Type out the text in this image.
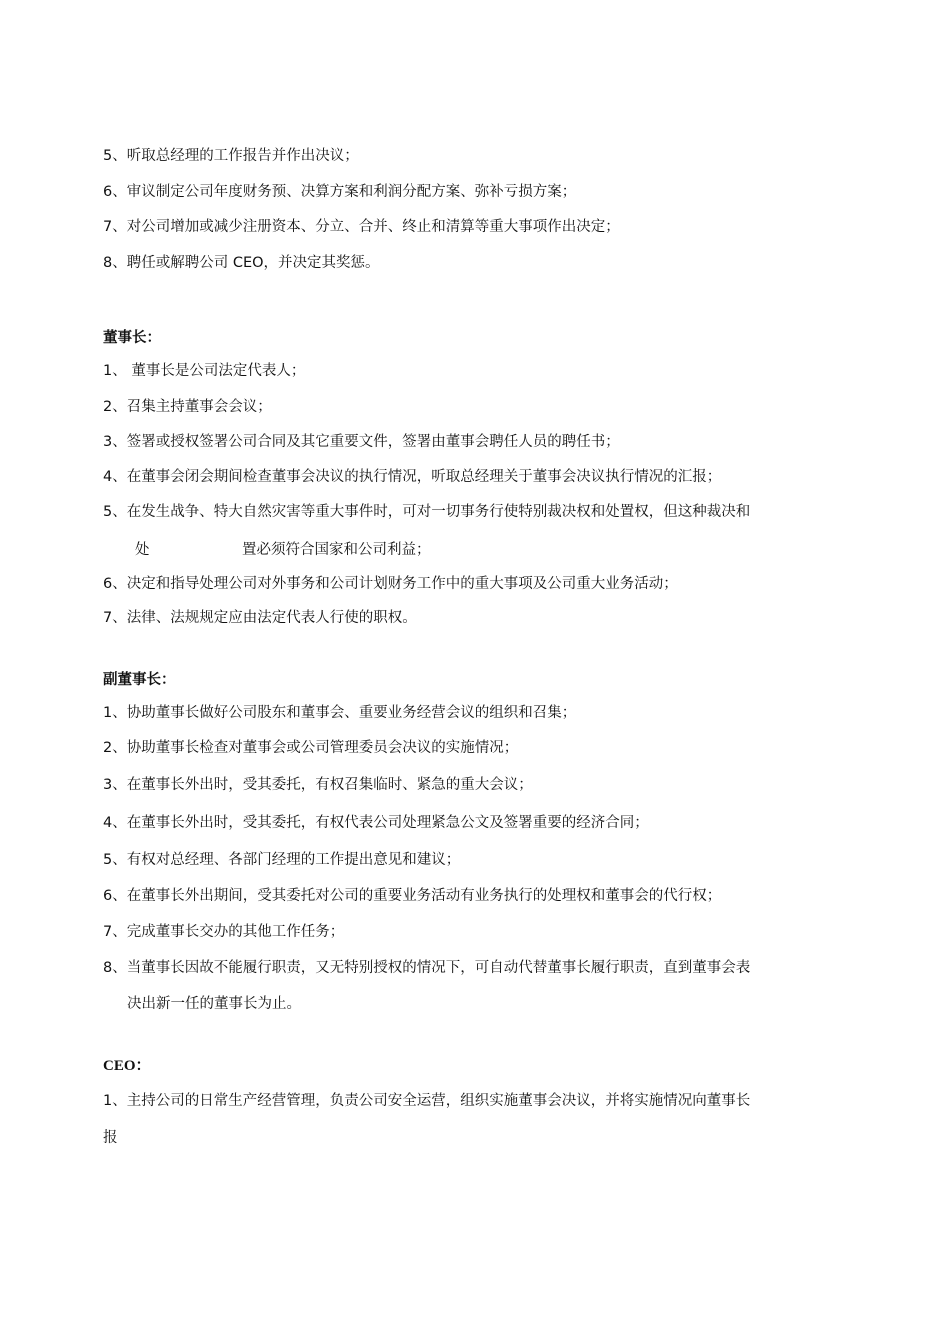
5、听取总经理的工作报告并作出决议；
6、审议制定公司年度财务预、决算方案和利润分配方案、弥补亏损方案；
7、对公司增加或减少注册资本、分立、合并、终止和清算等重大事项作出决定；
8、聘任或解聘公司 CEO，并决定其奖惩。
董事长：
1、 董事长是公司法定代表人；
2、召集主持董事会会议；
3、签署或授权签署公司合同及其它重要文件，签署由董事会聘任人员的聘任书；
4、在董事会闭会期间检查董事会决议的执行情况，听取总经理关于董事会决议执行情况的汇报；
5、在发生战争、特大自然灾害等重大事件时，可对一切事务行使特别裁决权和处置权，但这种裁决和
处	置必须符合国家和公司利益；
6、决定和指导处理公司对外事务和公司计划财务工作中的重大事项及公司重大业务活动；
7、法律、法规规定应由法定代表人行使的职权。
副董事长：
1、协助董事长做好公司股东和董事会、重要业务经营会议的组织和召集；
2、协助董事长检查对董事会或公司管理委员会决议的实施情况；
3、在董事长外出时，受其委托，有权召集临时、紧急的重大会议；
4、在董事长外出时，受其委托，有权代表公司处理紧急公文及签署重要的经济合同；
5、有权对总经理、各部门经理的工作提出意见和建议；
6、在董事长外出期间，受其委托对公司的重要业务活动有业务执行的处理权和董事会的代行权；
7、完成董事长交办的其他工作任务；
8、当董事长因故不能履行职责，又无特别授权的情况下，可自动代替董事长履行职责，直到董事会表
决出新一任的董事长为止。
CEO：
1、主持公司的日常生产经营管理，负责公司安全运营，组织实施董事会决议，并将实施情况向董事长
报
